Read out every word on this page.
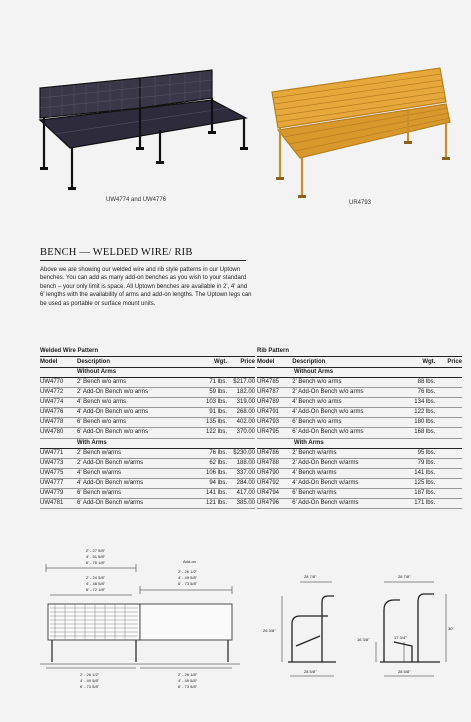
UW4774 and UW4776	UR4793
BENCH — WELDED WIRE/ RIB
Above we are showing our welded wire and rib style patterns in our Uptown benches. You can add as many add-on benches as you wish to your standard bench – your only limit is space. All Uptown benches are available in 2', 4' and 6' lengths with the availability of arms and add-on lengths. The Uptown legs can be used as portable or surface mount units.
Welded Wire Pattern
Model	Description	Wgt.	Price
Without Arms
UW4770	2' Bench w/o arms	71 lbs.	$217.00
UW4772	2' Add-On Bench w/o arms	59 lbs.	182.00
UW4774	4' Bench w/o arms	103 lbs.	319.00
UW4776	4' Add-On Bench w/o arms	91 lbs.	268.00
UW4778	6' Bench w/o arms	135 lbs.	402.00
UW4780	6' Add-On Bench w/o arms	122 lbs.	370.00
With Arms
UW4771	2' Bench w/arms	76 lbs.	$230.00
UW4773	2' Add-On Bench w/arms	62 lbs.	188.00
UW4775	4' Bench w/arms	106 lbs.	337.00
UW4777	4' Add-On Bench w/arms	94 lbs.	284.00
UW4779	6' Bench w/arms	141 lbs.	417.00
UW4781	6' Add-On Bench w/arms	121 lbs.	385.00
Rib Pattern
Model	Description	Wgt.	Price
Without Arms
UR4785	2' Bench w/o arms	88 lbs.
UR4787	2' Add-On Bench w/o arms	76 lbs.
UR4789	4' Bench w/o arms	134 lbs.
UR4791	4' Add-On Bench w/o arms	122 lbs.
UR4793	6' Bench w/o arms	180 lbs.
UR4795	6' Add-On Bench w/o arms	168 lbs.
With Arms
UR4786	2' Bench w/arms	95 lbs.
UR4788	2' Add-On Bench w/arms	79 lbs.
UR4790	4' Bench w/arms	141 lbs.
UR4792	4' Add-On Bench w/arms	125 lbs.
UR4794	6' Bench w/arms	187 lbs.
UR4796	6' Add-On Bench w/arms	171 lbs.
2' - 27 5/8"
4' - 51 5/8"
6' - 75 1/8"
2' - 24 5/8"
4' - 48 5/8"
6' - 72 1/8"
Add-on
2' - 26 1/2"
4' - 49 5/8"
6' - 73 5/8"
2' - 26 1/2"
4' - 49 5/8"
6' - 73 5/8"
2' - 26 1/8"
4' - 49 5/8"
6' - 73 5/8"
28 7/8"
26 3/8"
28 5/8"
28 7/8"
16 3/8"	17 3/4"
30"
28 5/8"
